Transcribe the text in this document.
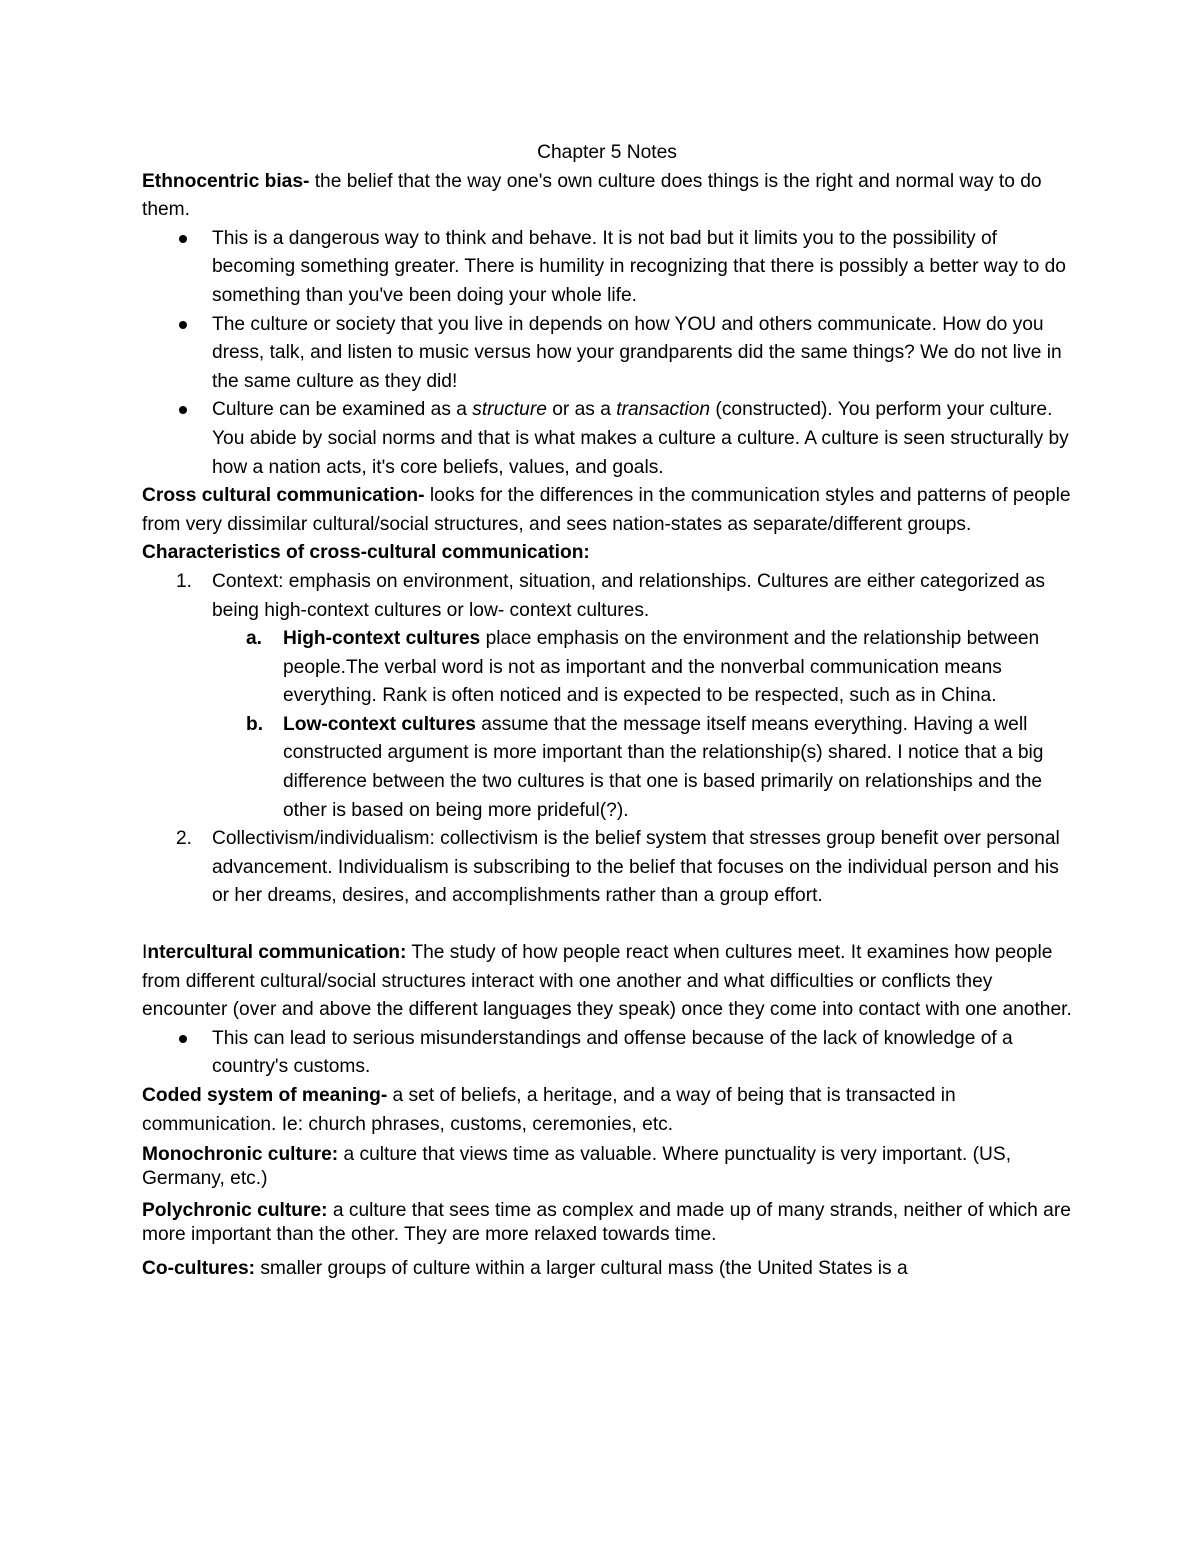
Chapter 5 Notes

Ethnocentric bias- the belief that the way one's own culture does things is the right and normal way to do them.

This is a dangerous way to think and behave. It is not bad but it limits you to the possibility of becoming something greater. There is humility in recognizing that there is possibly a better way to do something than you've been doing your whole life.
The culture or society that you live in depends on how YOU and others communicate. How do you dress, talk, and listen to music versus how your grandparents did the same things? We do not live in the same culture as they did!
Culture can be examined as a structure or as a transaction (constructed). You perform your culture. You abide by social norms and that is what makes a culture a culture. A culture is seen structurally by how a nation acts, it's core beliefs, values, and goals.

Cross cultural communication- looks for the differences in the communication styles and patterns of people from very dissimilar cultural/social structures, and sees nation-states as separate/different groups.

Characteristics of cross-cultural communication:

1. Context: emphasis on environment, situation, and relationships. Cultures are either categorized as being high-context cultures or low- context cultures.
a. High-context cultures place emphasis on the environment and the relationship between people.The verbal word is not as important and the nonverbal communication means everything. Rank is often noticed and is expected to be respected, such as in China.
b. Low-context cultures assume that the message itself means everything. Having a well constructed argument is more important than the relationship(s) shared. I notice that a big difference between the two cultures is that one is based primarily on relationships and the other is based on being more prideful(?).
2. Collectivism/individualism: collectivism is the belief system that stresses group benefit over personal advancement. Individualism is subscribing to the belief that focuses on the individual person and his or her dreams, desires, and accomplishments rather than a group effort.

Intercultural communication: The study of how people react when cultures meet. It examines how people from different cultural/social structures interact with one another and what difficulties or conflicts they encounter (over and above the different languages they speak) once they come into contact with one another.

This can lead to serious misunderstandings and offense because of the lack of knowledge of a country's customs.

Coded system of meaning- a set of beliefs, a heritage, and a way of being that is transacted in communication. Ie: church phrases, customs, ceremonies, etc.

Monochronic culture: a culture that views time as valuable. Where punctuality is very important. (US, Germany, etc.)

Polychronic culture: a culture that sees time as complex and made up of many strands, neither of which are more important than the other. They are more relaxed towards time.

Co-cultures: smaller groups of culture within a larger cultural mass (the United States is a
